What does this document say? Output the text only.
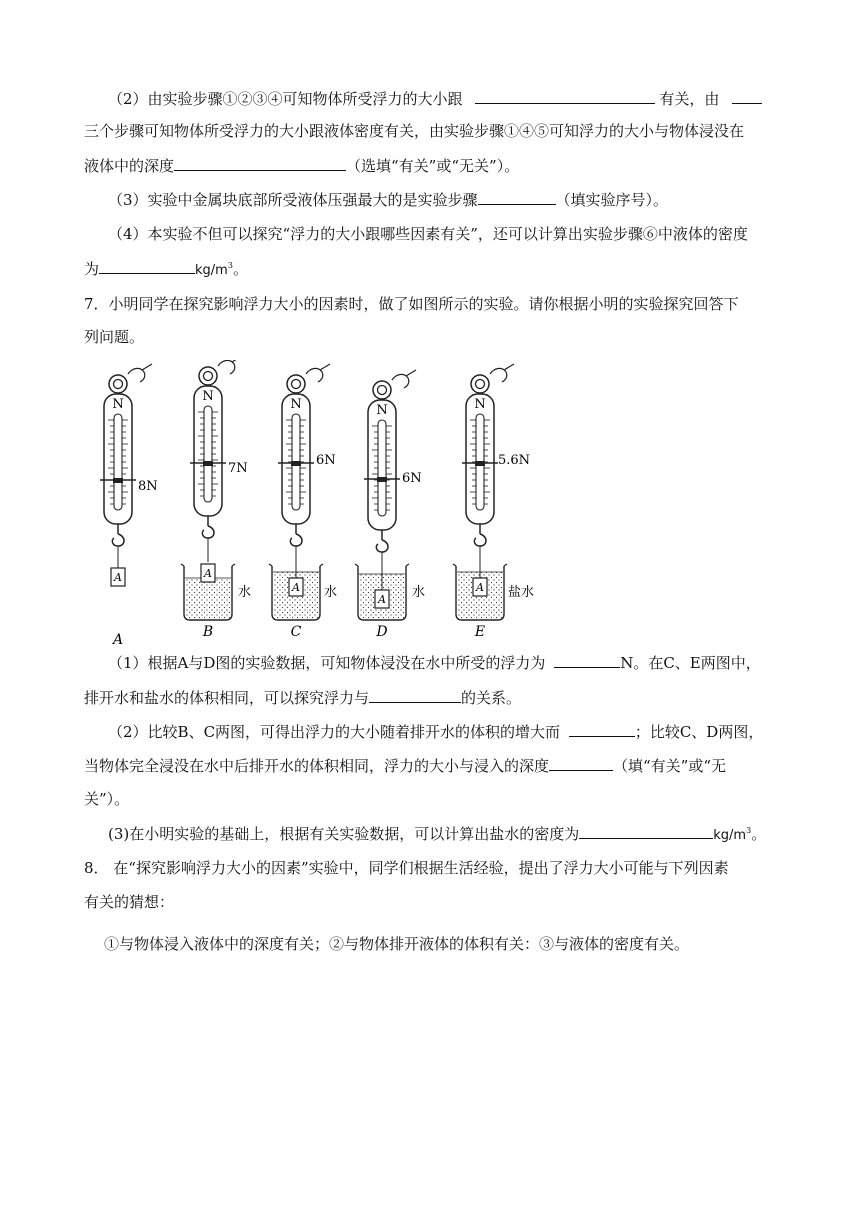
（2）由实验步骤①②③④可知物体所受浮力的大小跟	有关，由
三个步骤可知物体所受浮力的大小跟液体密度有关，由实验步骤①④⑤可知浮力的大小与物体浸没在
液体中的深度	（选填“有关”或“无关”）。
（3）实验中金属块底部所受液体压强最大的是实验步骤	（填实验序号）。
（4）本实验不但可以探究“浮力的大小跟哪些因素有关”，还可以计算出实验步骤⑥中液体的密度
为	$kg/m^3$。
7．小明同学在探究影响浮力大小的因素时，做了如图所示的实验。请你根据小明的实验探究回答下
列问题。
N
8N
A
A
N
7N
A
水
B
N
6N
A 水
C
N
6N
A 水
D
N
5.6N
A 盐水
E
（1）根据A与D图的实验数据，可知物体浸没在水中所受的浮力为	N。在C、E两图中，
排开水和盐水的体积相同，可以探究浮力与	的关系。
（2）比较B、C两图，可得出浮力的大小随着排开水的体积的增大而	；比较C、D两图，
当物体完全浸没在水中后排开水的体积相同，浮力的大小与浸入的深度	（填“有关”或“无
关”）。
(3)在小明实验的基础上，根据有关实验数据，可以计算出盐水的密度为	$kg/m^3$。
8． 在“探究影响浮力大小的因素”实验中，同学们根据生活经验，提出了浮力大小可能与下列因素
有关的猜想：
①与物体浸入液体中的深度有关；②与物体排开液体的体积有关：③与液体的密度有关。
